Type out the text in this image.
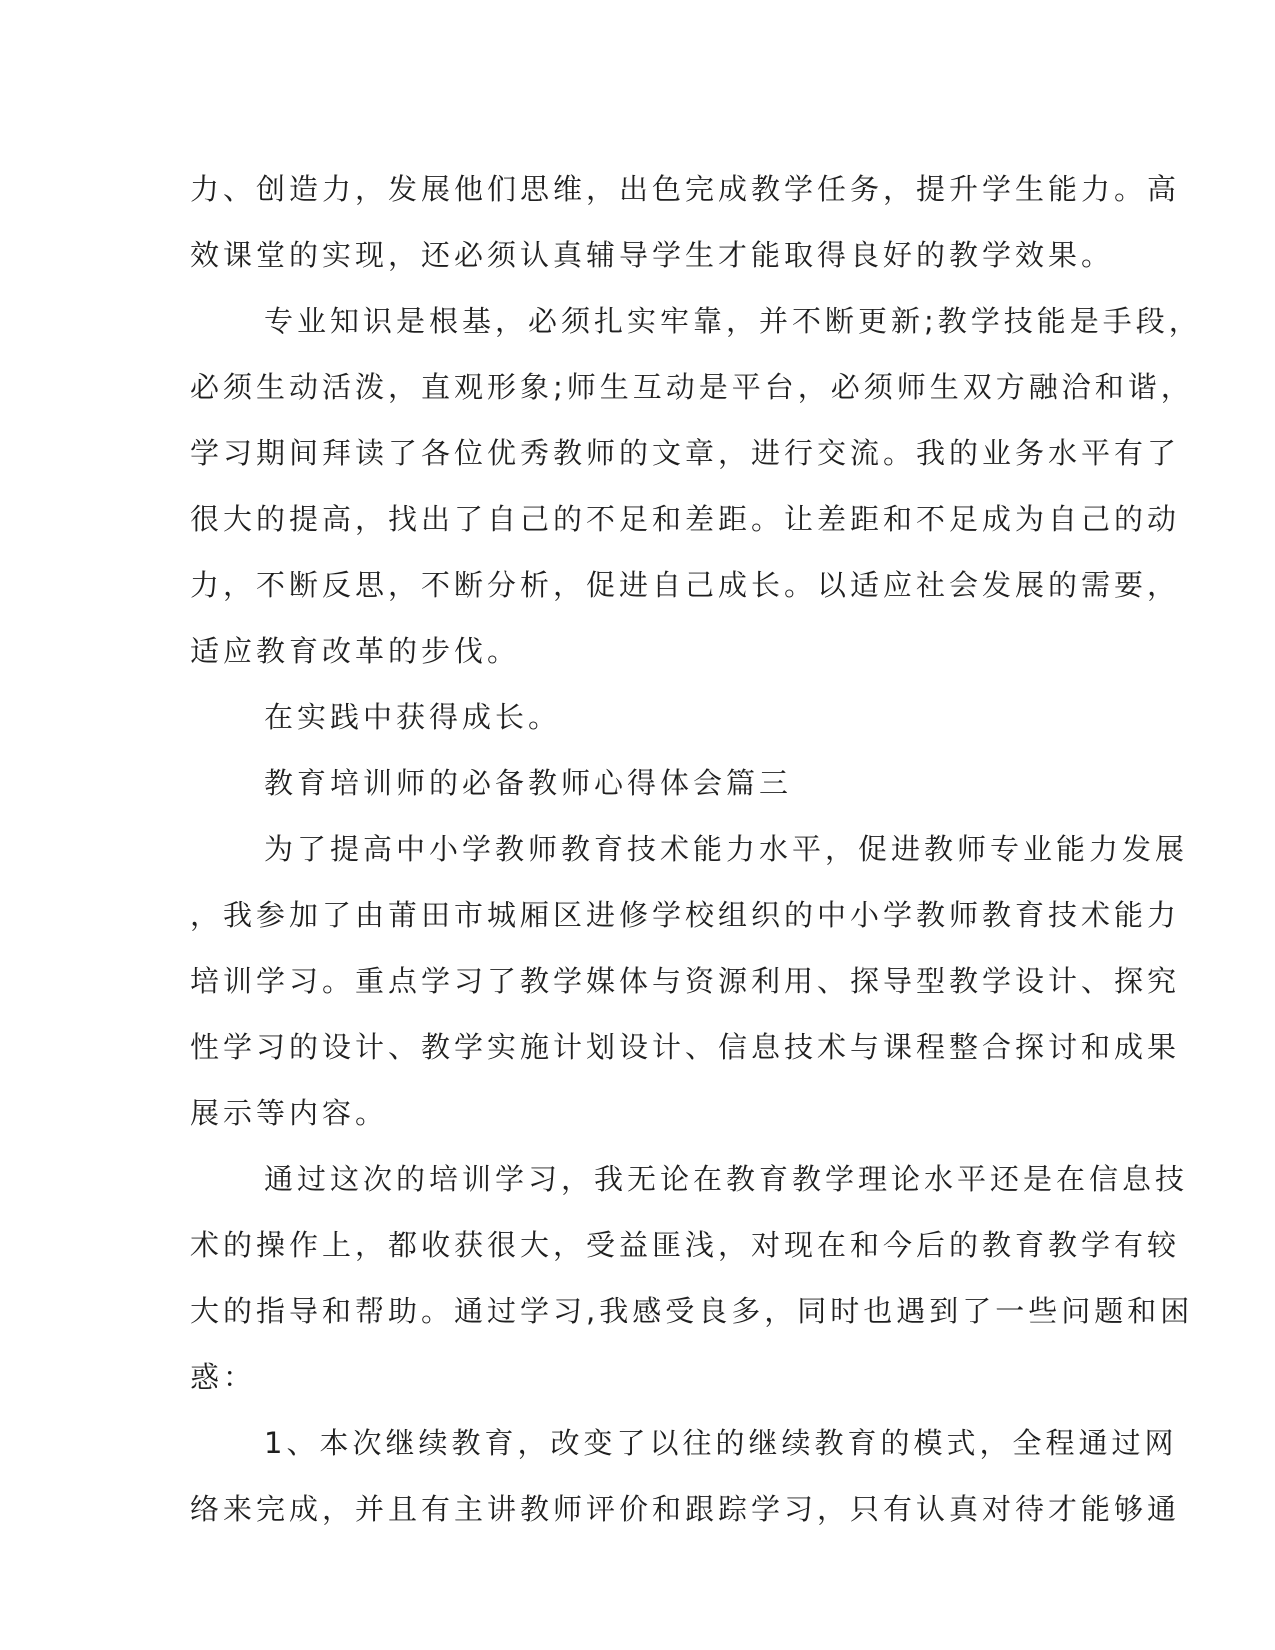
力、创造力，发展他们思维，出色完成教学任务，提升学生能力。高
效课堂的实现，还必须认真辅导学生才能取得良好的教学效果。
专业知识是根基，必须扎实牢靠，并不断更新;教学技能是手段，
必须生动活泼，直观形象;师生互动是平台，必须师生双方融洽和谐，
学习期间拜读了各位优秀教师的文章，进行交流。我的业务水平有了
很大的提高，找出了自己的不足和差距。让差距和不足成为自己的动
力，不断反思，不断分析，促进自己成长。以适应社会发展的需要，
适应教育改革的步伐。
在实践中获得成长。
教育培训师的必备教师心得体会篇三
为了提高中小学教师教育技术能力水平，促进教师专业能力发展
，我参加了由莆田市城厢区进修学校组织的中小学教师教育技术能力
培训学习。重点学习了教学媒体与资源利用、探导型教学设计、探究
性学习的设计、教学实施计划设计、信息技术与课程整合探讨和成果
展示等内容。
通过这次的培训学习，我无论在教育教学理论水平还是在信息技
术的操作上，都收获很大，受益匪浅，对现在和今后的教育教学有较
大的指导和帮助。通过学习,我感受良多，同时也遇到了一些问题和困
惑：
1、本次继续教育，改变了以往的继续教育的模式，全程通过网
络来完成，并且有主讲教师评价和跟踪学习，只有认真对待才能够通
